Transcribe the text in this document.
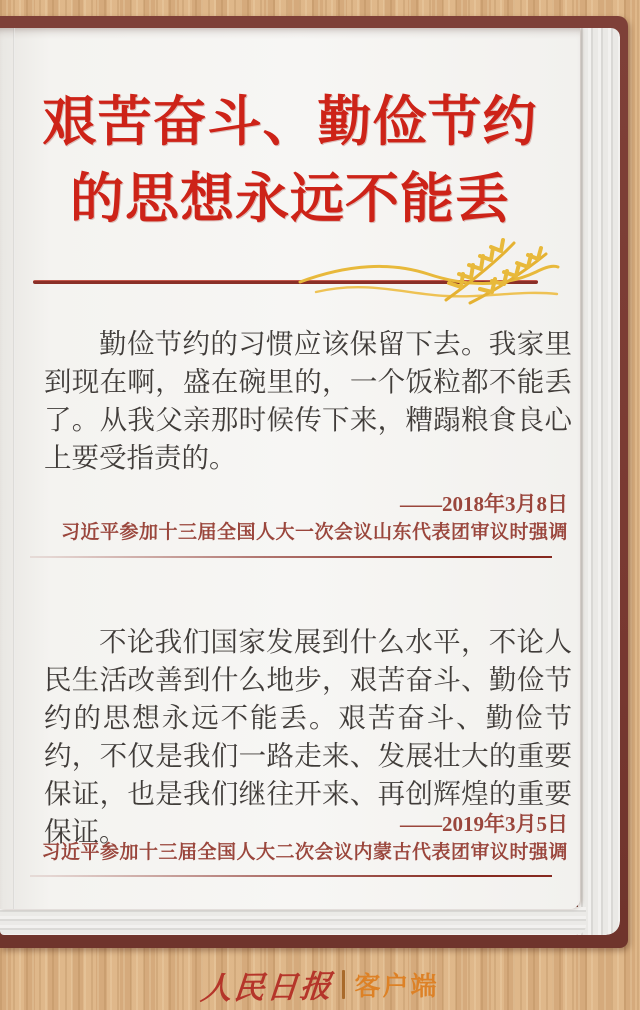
艰苦奋斗、勤俭节约
的思想永远不能丢

勤俭节约的习惯应该保留下去。我家里到现在啊，盛在碗里的，一个饭粒都不能丢了。从我父亲那时候传下来，糟蹋粮食良心上要受指责的。

——2018年3月8日
习近平参加十三届全国人大一次会议山东代表团审议时强调

不论我们国家发展到什么水平，不论人民生活改善到什么地步，艰苦奋斗、勤俭节约的思想永远不能丢。艰苦奋斗、勤俭节约，不仅是我们一路走来、发展壮大的重要保证，也是我们继往开来、再创辉煌的重要保证。	——2019年3月5日
习近平参加十三届全国人大二次会议内蒙古代表团审议时强调
人民日报 客户端
